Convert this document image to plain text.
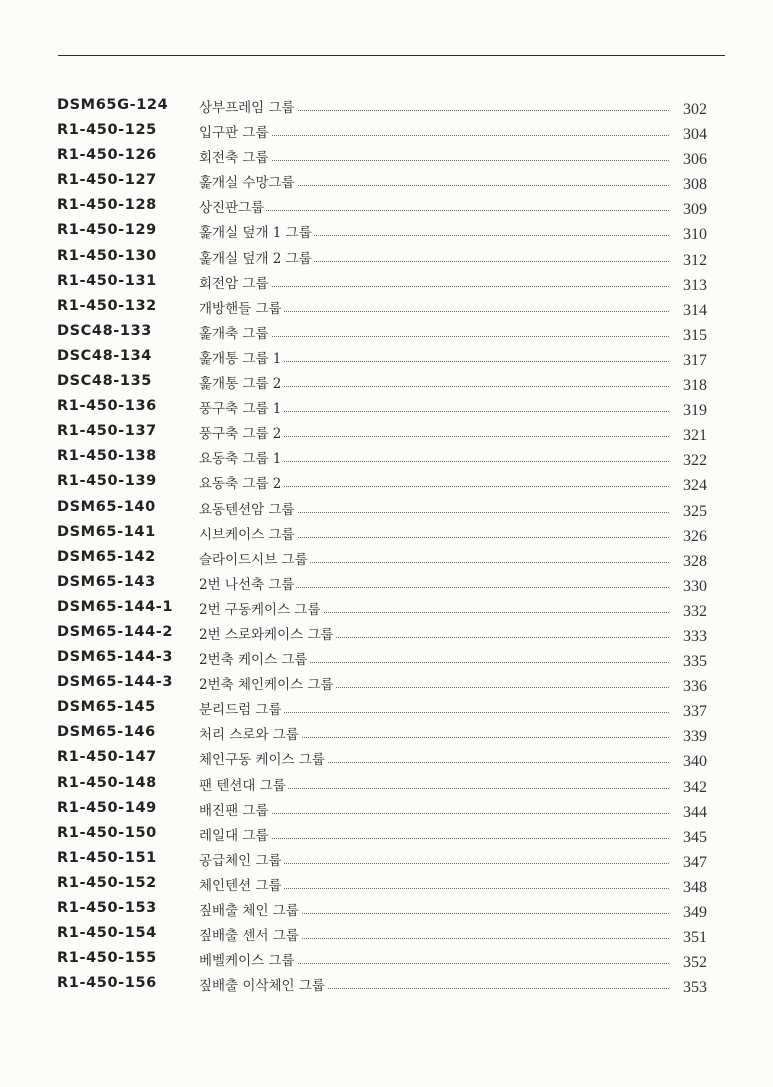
DSM65G-124 상부프레임 그룹	302
R1-450-125	입구판 그룹	304
R1-450-126	회전축 그룹	306
R1-450-127	홅개실 수망그룹	308
R1-450-128	상진판그룹	309
R1-450-129	홅개실 덮개 1 그룹	310
R1-450-130	홅개실 덮개 2 그룹	312
R1-450-131	회전암 그룹	313
R1-450-132	개방핸들 그룹	314
DSC48-133	홅개축 그룹	315
DSC48-134	홅개통 그룹 1	317
DSC48-135	홅개통 그룹 2	318
R1-450-136	풍구축 그룹 1	319
R1-450-137	풍구축 그룹 2	321
R1-450-138	요동축 그룹 1	322
R1-450-139	요동축 그룹 2	324
DSM65-140	요동텐션암 그룹	325
DSM65-141	시브케이스 그룹	326
DSM65-142	슬라이드시브 그룹	328
DSM65-143	2번 나선축 그룹	330
DSM65-144-1 2번 구동케이스 그룹	332
DSM65-144-2 2번 스로와케이스 그룹	333
DSM65-144-3 2번축 케이스 그룹	335
DSM65-144-3 2번축 체인케이스 그룹	336
DSM65-145	분리드럼 그룹	337
DSM65-146	처리 스로와 그룹	339
R1-450-147	체인구동 케이스 그룹	340
R1-450-148	팬 텐션대 그룹	342
R1-450-149	배진팬 그룹	344
R1-450-150	레일대 그룹	345
R1-450-151	공급체인 그룹	347
R1-450-152	체인텐션 그룹	348
R1-450-153	짚배출 체인 그룹	349
R1-450-154	짚배출 센서 그룹	351
R1-450-155	베벨케이스 그룹	352
R1-450-156	짚배출 이삭체인 그룹	353
